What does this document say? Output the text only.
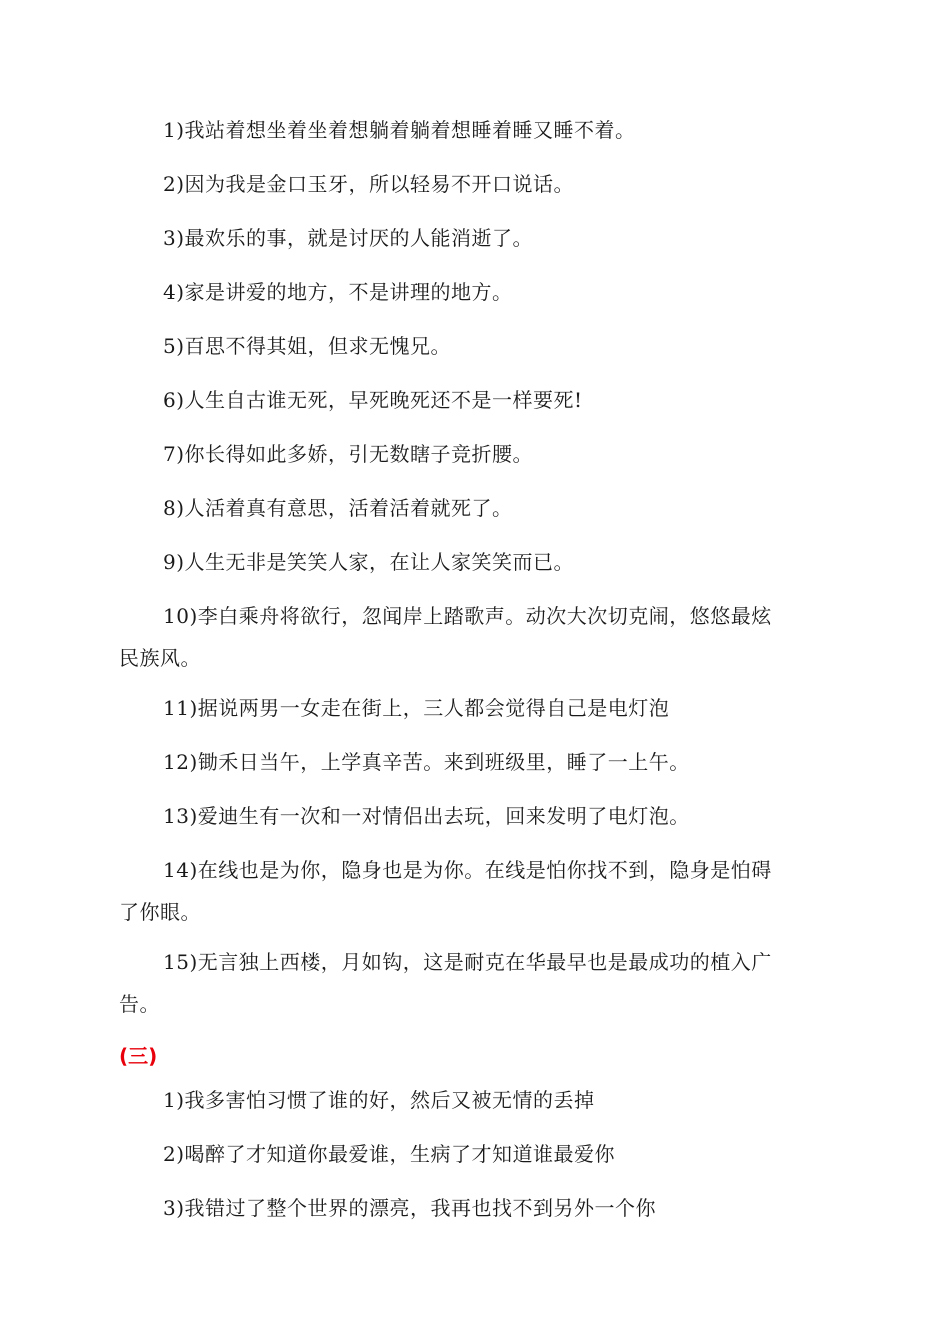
1)我站着想坐着坐着想躺着躺着想睡着睡又睡不着。
2)因为我是金口玉牙，所以轻易不开口说话。
3)最欢乐的事，就是讨厌的人能消逝了。
4)家是讲爱的地方，不是讲理的地方。
5)百思不得其姐，但求无愧兄。
6)人生自古谁无死，早死晚死还不是一样要死!
7)你长得如此多娇，引无数瞎子竞折腰。
8)人活着真有意思，活着活着就死了。
9)人生无非是笑笑人家，在让人家笑笑而已。
10)李白乘舟将欲行，忽闻岸上踏歌声。动次大次切克闹，悠悠最炫
民族风。
11)据说两男一女走在街上，三人都会觉得自己是电灯泡
12)锄禾日当午，上学真辛苦。来到班级里，睡了一上午。
13)爱迪生有一次和一对情侣出去玩，回来发明了电灯泡。
14)在线也是为你，隐身也是为你。在线是怕你找不到，隐身是怕碍
了你眼。
15)无言独上西楼，月如钩，这是耐克在华最早也是最成功的植入广
告。
(三)
1)我多害怕习惯了谁的好，然后又被无情的丢掉
2)喝醉了才知道你最爱谁，生病了才知道谁最爱你
3)我错过了整个世界的漂亮，我再也找不到另外一个你
